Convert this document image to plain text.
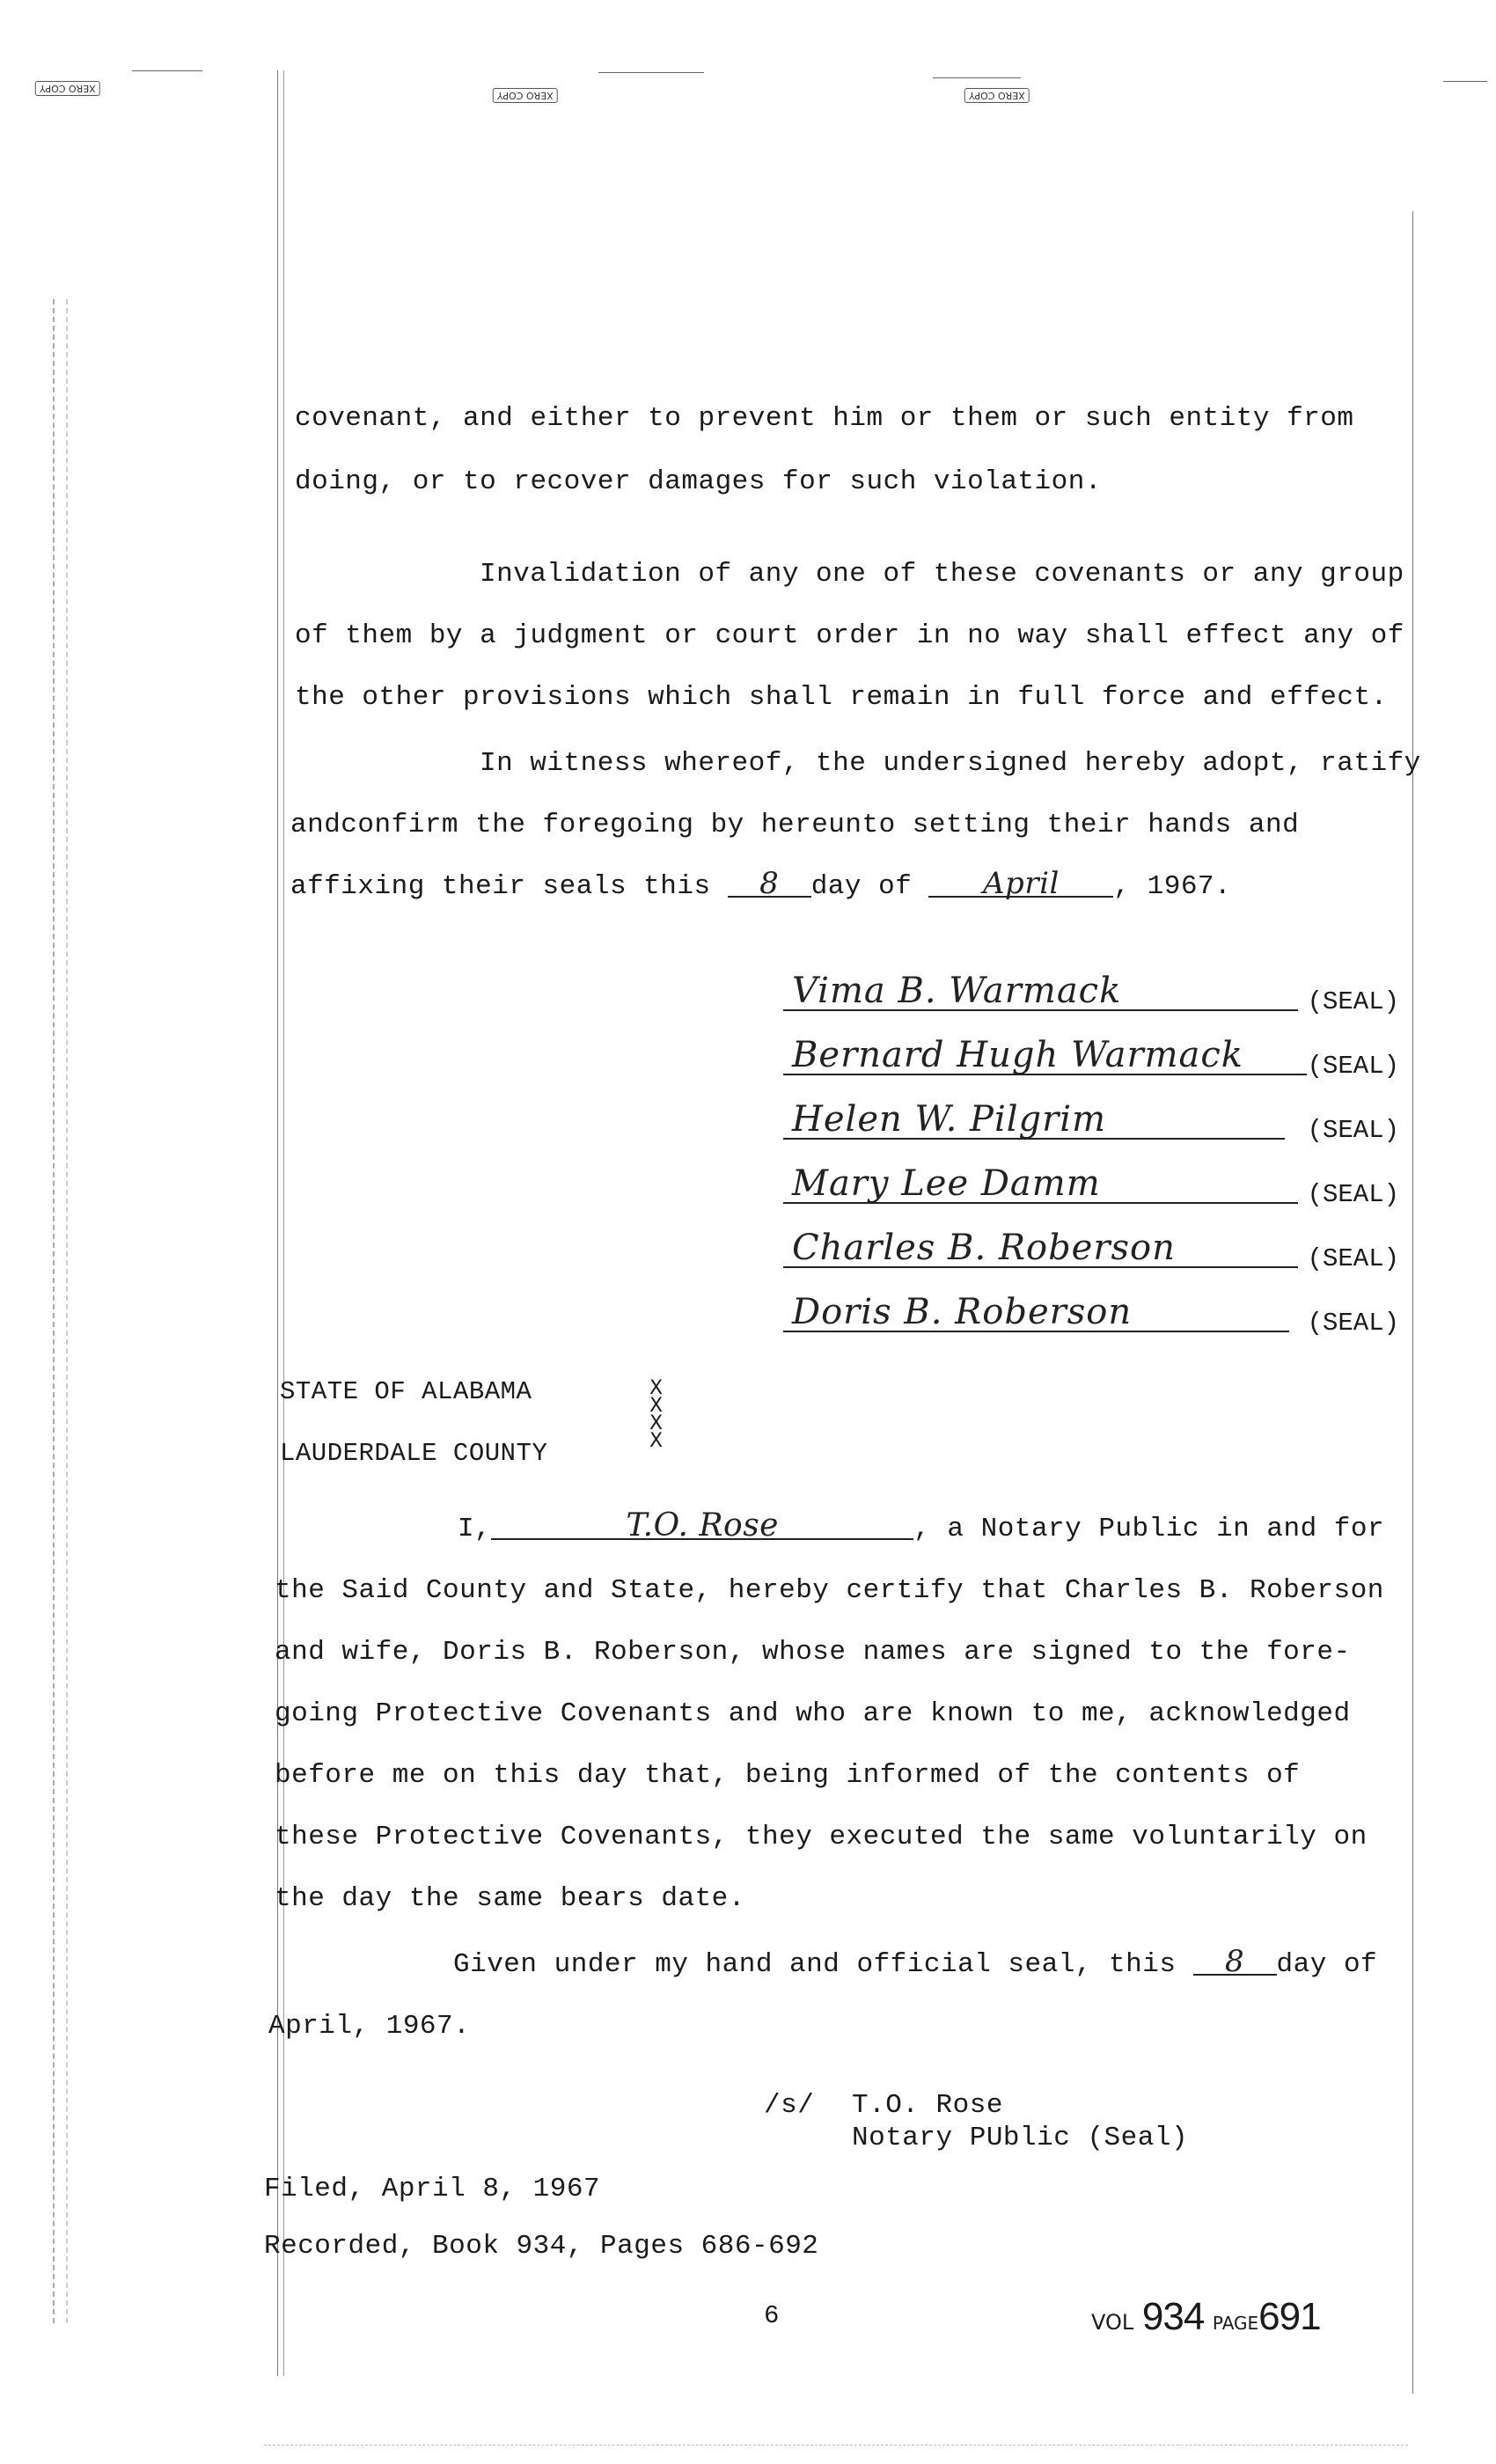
XERO COPY
XERO COPY	XERO COPY
covenant, and either to prevent him or them or such entity from
doing, or to recover damages for such violation.
Invalidation of any one of these covenants or any group
of them by a judgment or court order in no way shall effect any of
the other provisions which shall remain in full force and effect.
In witness whereof, the undersigned hereby adopt, ratify
andconfirm the foregoing by hereunto setting their hands and
affixing their seals this 8 day of April , 1967.
Vima B. Warmack	(SEAL)
Bernard Hugh Warmack	(SEAL)
Helen W. Pilgrim	(SEAL)
Mary Lee Damm	(SEAL)
Charles B. Roberson	(SEAL)
Doris B. Roberson	(SEAL)
STATE OF ALABAMA
LAUDERDALE COUNTY
X
X
X
X
I,	T.O. Rose	, a Notary Public in and for
the Said County and State, hereby certify that Charles B. Roberson
and wife, Doris B. Roberson, whose names are signed to the fore-
going Protective Covenants and who are known to me, acknowledged
before me on this day that, being informed of the contents of
these Protective Covenants, they executed the same voluntarily on
the day the same bears date.
Given under my hand and official seal, this 8 day of
April, 1967.
/s/ T.O. Rose
Notary PUblic (Seal)
Filed, April 8, 1967
Recorded, Book 934, Pages 686-692
6	VOL 934 PAGE691
